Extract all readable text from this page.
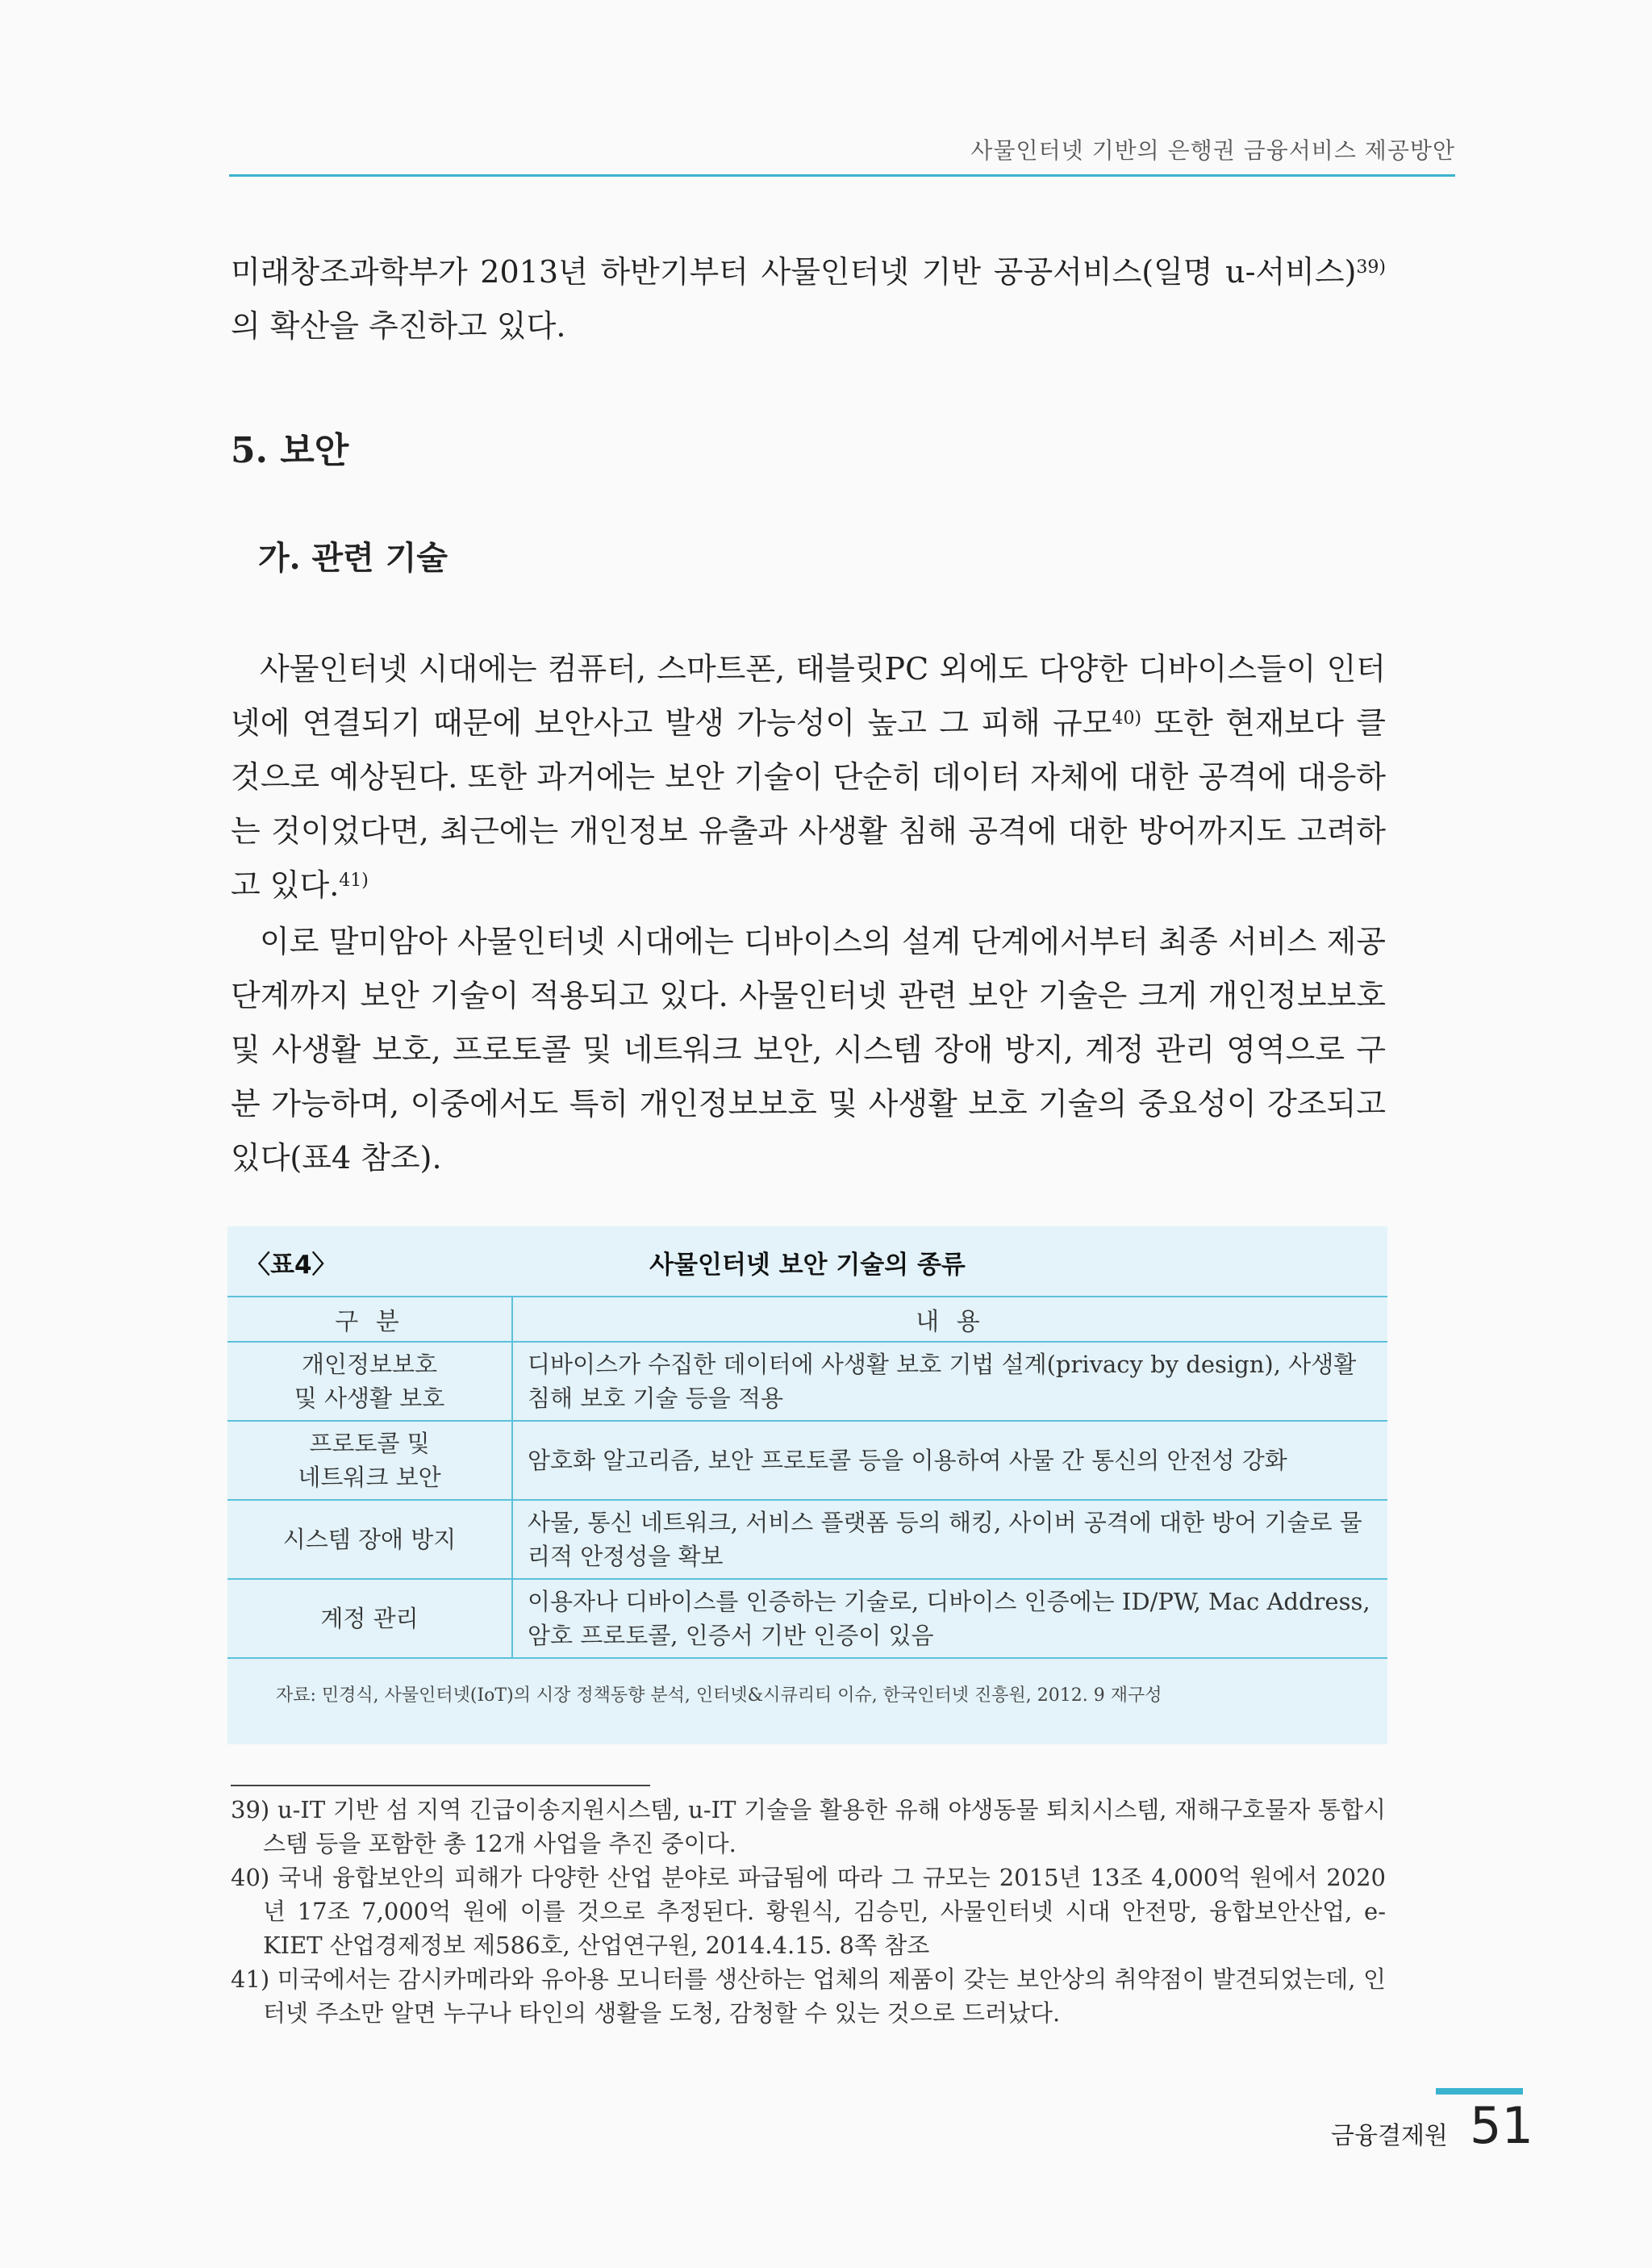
사물인터넷 기반의 은행권 금융서비스 제공방안
미래창조과학부가 2013년 하반기부터 사물인터넷 기반 공공서비스(일명 u-서비스)$^{39)}$의 확산을 추진하고 있다.
5. 보안
가. 관련 기술
사물인터넷 시대에는 컴퓨터, 스마트폰, 태블릿PC 외에도 다양한 디바이스들이 인터넷에 연결되기 때문에 보안사고 발생 가능성이 높고 그 피해 규모$^{40)}$ 또한 현재보다 클 것으로 예상된다. 또한 과거에는 보안 기술이 단순히 데이터 자체에 대한 공격에 대응하는 것이었다면, 최근에는 개인정보 유출과 사생활 침해 공격에 대한 방어까지도 고려하고 있다.$^{41)}$
이로 말미암아 사물인터넷 시대에는 디바이스의 설계 단계에서부터 최종 서비스 제공 단계까지 보안 기술이 적용되고 있다. 사물인터넷 관련 보안 기술은 크게 개인정보보호 및 사생활 보호, 프로토콜 및 네트워크 보안, 시스템 장애 방지, 계정 관리 영역으로 구분 가능하며, 이중에서도 특히 개인정보보호 및 사생활 보호 기술의 중요성이 강조되고 있다(표4 참조).
〈표4〉	사물인터넷 보안 기술의 종류
구 분	내 용

개인정보보호
및 사생활 보호	디바이스가 수집한 데이터에 사생활 보호 기법 설계(privacy by design), 사생활침해 보호 기술 등을 적용

프로토콜 및
네트워크 보안	암호화 알고리즘, 보안 프로토콜 등을 이용하여 사물 간 통신의 안전성 강화

시스템 장애 방지	사물, 통신 네트워크, 서비스 플랫폼 등의 해킹, 사이버 공격에 대한 방어 기술로 물리적 안정성을 확보

계정 관리	이용자나 디바이스를 인증하는 기술로, 디바이스 인증에는 ID/PW, Mac Address, 암호 프로토콜, 인증서 기반 인증이 있음
자료: 민경식, 사물인터넷(IoT)의 시장 정책동향 분석, 인터넷&시큐리티 이슈, 한국인터넷 진흥원, 2012. 9 재구성
39) u-IT 기반 섬 지역 긴급이송지원시스템, u-IT 기술을 활용한 유해 야생동물 퇴치시스템, 재해구호물자 통합시스템 등을 포함한 총 12개 사업을 추진 중이다.
40) 국내 융합보안의 피해가 다양한 산업 분야로 파급됨에 따라 그 규모는 2015년 13조 4,000억 원에서 2020년 17조 7,000억 원에 이를 것으로 추정된다. 황원식, 김승민, 사물인터넷 시대 안전망, 융합보안산업, e-KIET 산업경제정보 제586호, 산업연구원, 2014.4.15. 8쪽 참조
41) 미국에서는 감시카메라와 유아용 모니터를 생산하는 업체의 제품이 갖는 보안상의 취약점이 발견되었는데, 인터넷 주소만 알면 누구나 타인의 생활을 도청, 감청할 수 있는 것으로 드러났다.
금융결제원 51
